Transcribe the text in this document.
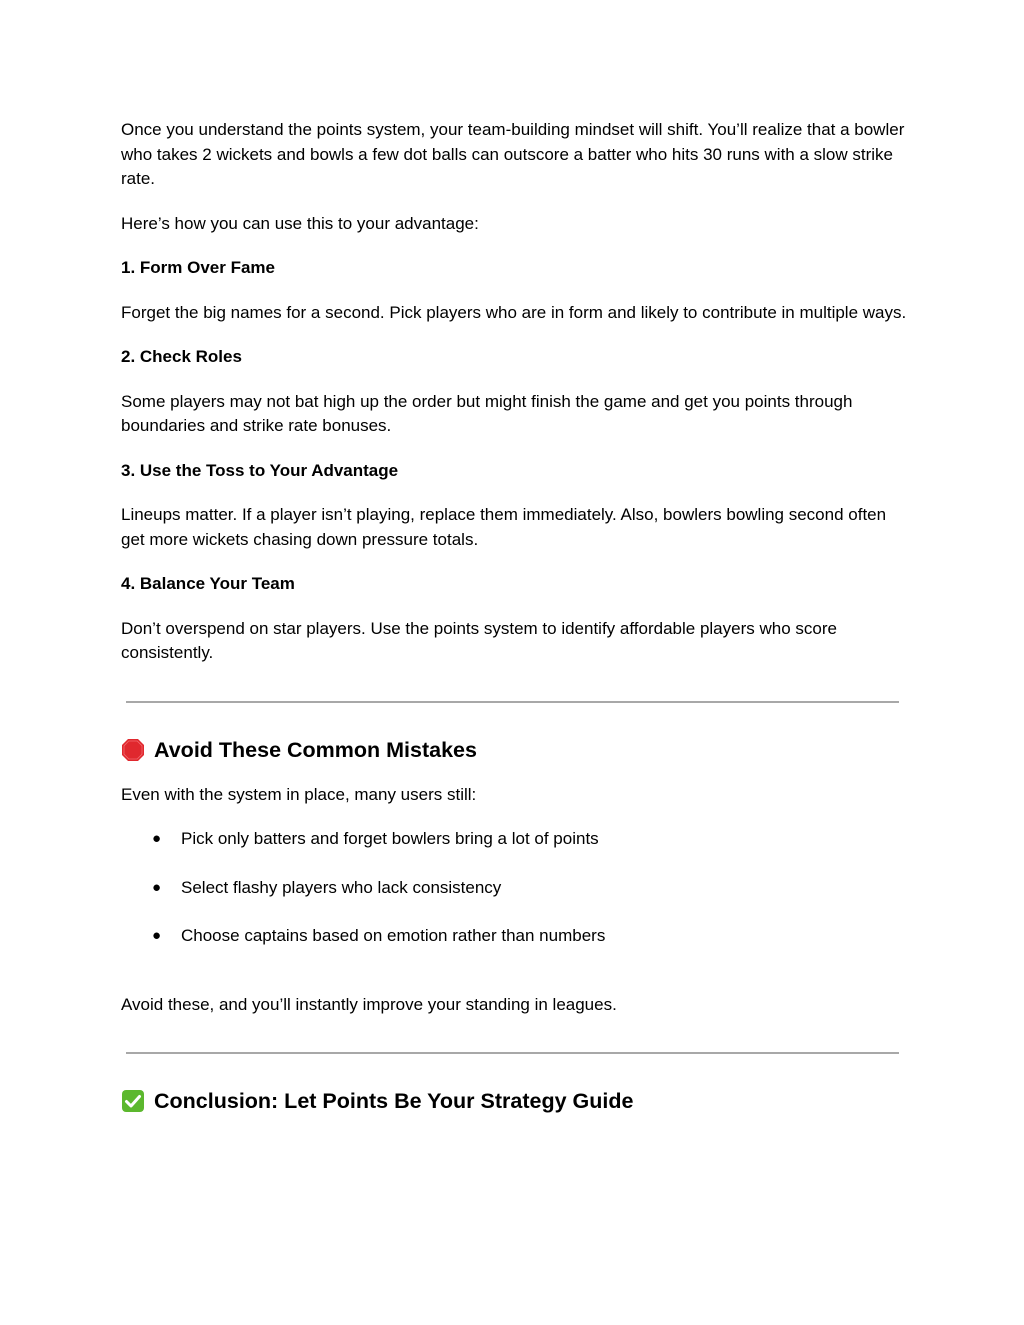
Once you understand the points system, your team-building mindset will shift. You’ll realize that a bowler who takes 2 wickets and bowls a few dot balls can outscore a batter who hits 30 runs with a slow strike rate.

Here’s how you can use this to your advantage:

1. Form Over Fame

Forget the big names for a second. Pick players who are in form and likely to contribute in multiple ways.

2. Check Roles

Some players may not bat high up the order but might finish the game and get you points through boundaries and strike rate bonuses.

3. Use the Toss to Your Advantage

Lineups matter. If a player isn’t playing, replace them immediately. Also, bowlers bowling second often get more wickets chasing down pressure totals.

4. Balance Your Team

Don’t overspend on star players. Use the points system to identify affordable players who score consistently.

Avoid These Common Mistakes

Even with the system in place, many users still:

● Pick only batters and forget bowlers bring a lot of points
● Select flashy players who lack consistency
● Choose captains based on emotion rather than numbers

Avoid these, and you’ll instantly improve your standing in leagues.

Conclusion: Let Points Be Your Strategy Guide
